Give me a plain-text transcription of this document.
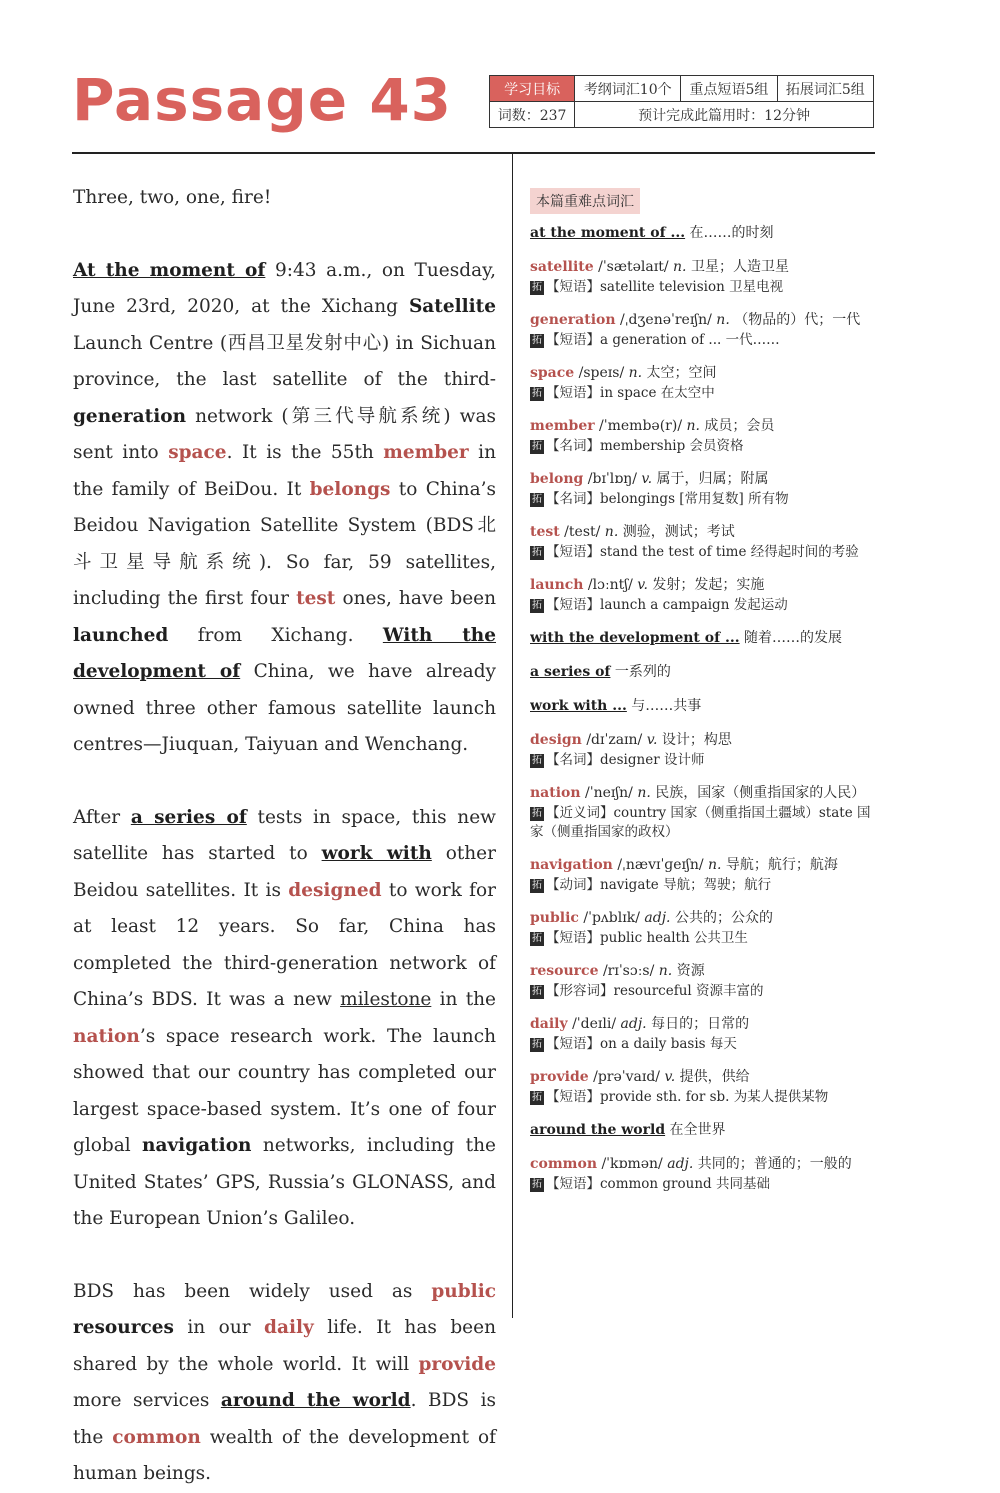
Passage 43	学习目标	考纲词汇10个	重点短语5组	拓展词汇5组
词数：237	预计完成此篇用时：12分钟		

Three, two, one, fire!

At the moment of 9:43 a.m., on Tuesday, June 23rd, 2020, at the Xichang Satellite Launch Centre (西昌卫星发射中心) in Sichuan province, the last satellite of the third-generation network (第三代导航系统) was sent into space. It is the 55th member in the family of BeiDou. It belongs to China’s Beidou Navigation Satellite System (BDS北斗卫星导航系统). So far, 59 satellites, including the first four test ones, have been launched from Xichang. With the development of China, we have already owned three other famous satellite launch centres—Jiuquan, Taiyuan and Wenchang.

After a series of tests in space, this new satellite has started to work with other Beidou satellites. It is designed to work for at least 12 years. So far, China has completed the third-generation network of China’s BDS. It was a new milestone in the nation’s space research work. The launch showed that our country has completed our largest space-based system. It’s one of four global navigation networks, including the United States’ GPS, Russia’s GLONASS, and the European Union’s Galileo.

BDS has been widely used as public resources in our daily life. It has been shared by the whole world. It will provide more services around the world. BDS is the common wealth of the development of human beings.

本篇重难点词汇
at the moment of ... 在……的时刻
satellite /ˈsætəlaɪt/ n. 卫星；人造卫星
拓 【短语】satellite television 卫星电视
generation /ˌdʒenəˈreɪʃn/ n. （物品的）代；一代
拓 【短语】a generation of ... 一代……
space /speɪs/ n. 太空；空间
拓 【短语】in space 在太空中
member /ˈmembə(r)/ n. 成员；会员
拓 【名词】membership 会员资格
belong /bɪˈlɒŋ/ v. 属于，归属；附属
拓 【名词】belongings [常用复数] 所有物
test /test/ n. 测验，测试；考试
拓 【短语】stand the test of time 经得起时间的考验
launch /lɔːntʃ/ v. 发射；发起；实施
拓 【短语】launch a campaign 发起运动
with the development of ... 随着……的发展
a series of 一系列的
work with ... 与……共事
design /dɪˈzaɪn/ v. 设计；构思
拓 【名词】designer 设计师
nation /ˈneɪʃn/ n. 民族，国家（侧重指国家的人民）
拓 【近义词】country 国家（侧重指国土疆域）state 国家（侧重指国家的政权）
navigation /ˌnævɪˈɡeɪʃn/ n. 导航；航行；航海
拓 【动词】navigate 导航；驾驶；航行
public /ˈpʌblɪk/ adj. 公共的；公众的
拓 【短语】public health 公共卫生
resource /rɪˈsɔːs/ n. 资源
拓 【形容词】resourceful 资源丰富的
daily /ˈdeɪli/ adj. 每日的；日常的
拓 【短语】on a daily basis 每天
provide /prəˈvaɪd/ v. 提供，供给
拓 【短语】provide sth. for sb. 为某人提供某物
around the world 在全世界
common /ˈkɒmən/ adj. 共同的；普通的；一般的
拓 【短语】common ground 共同基础
